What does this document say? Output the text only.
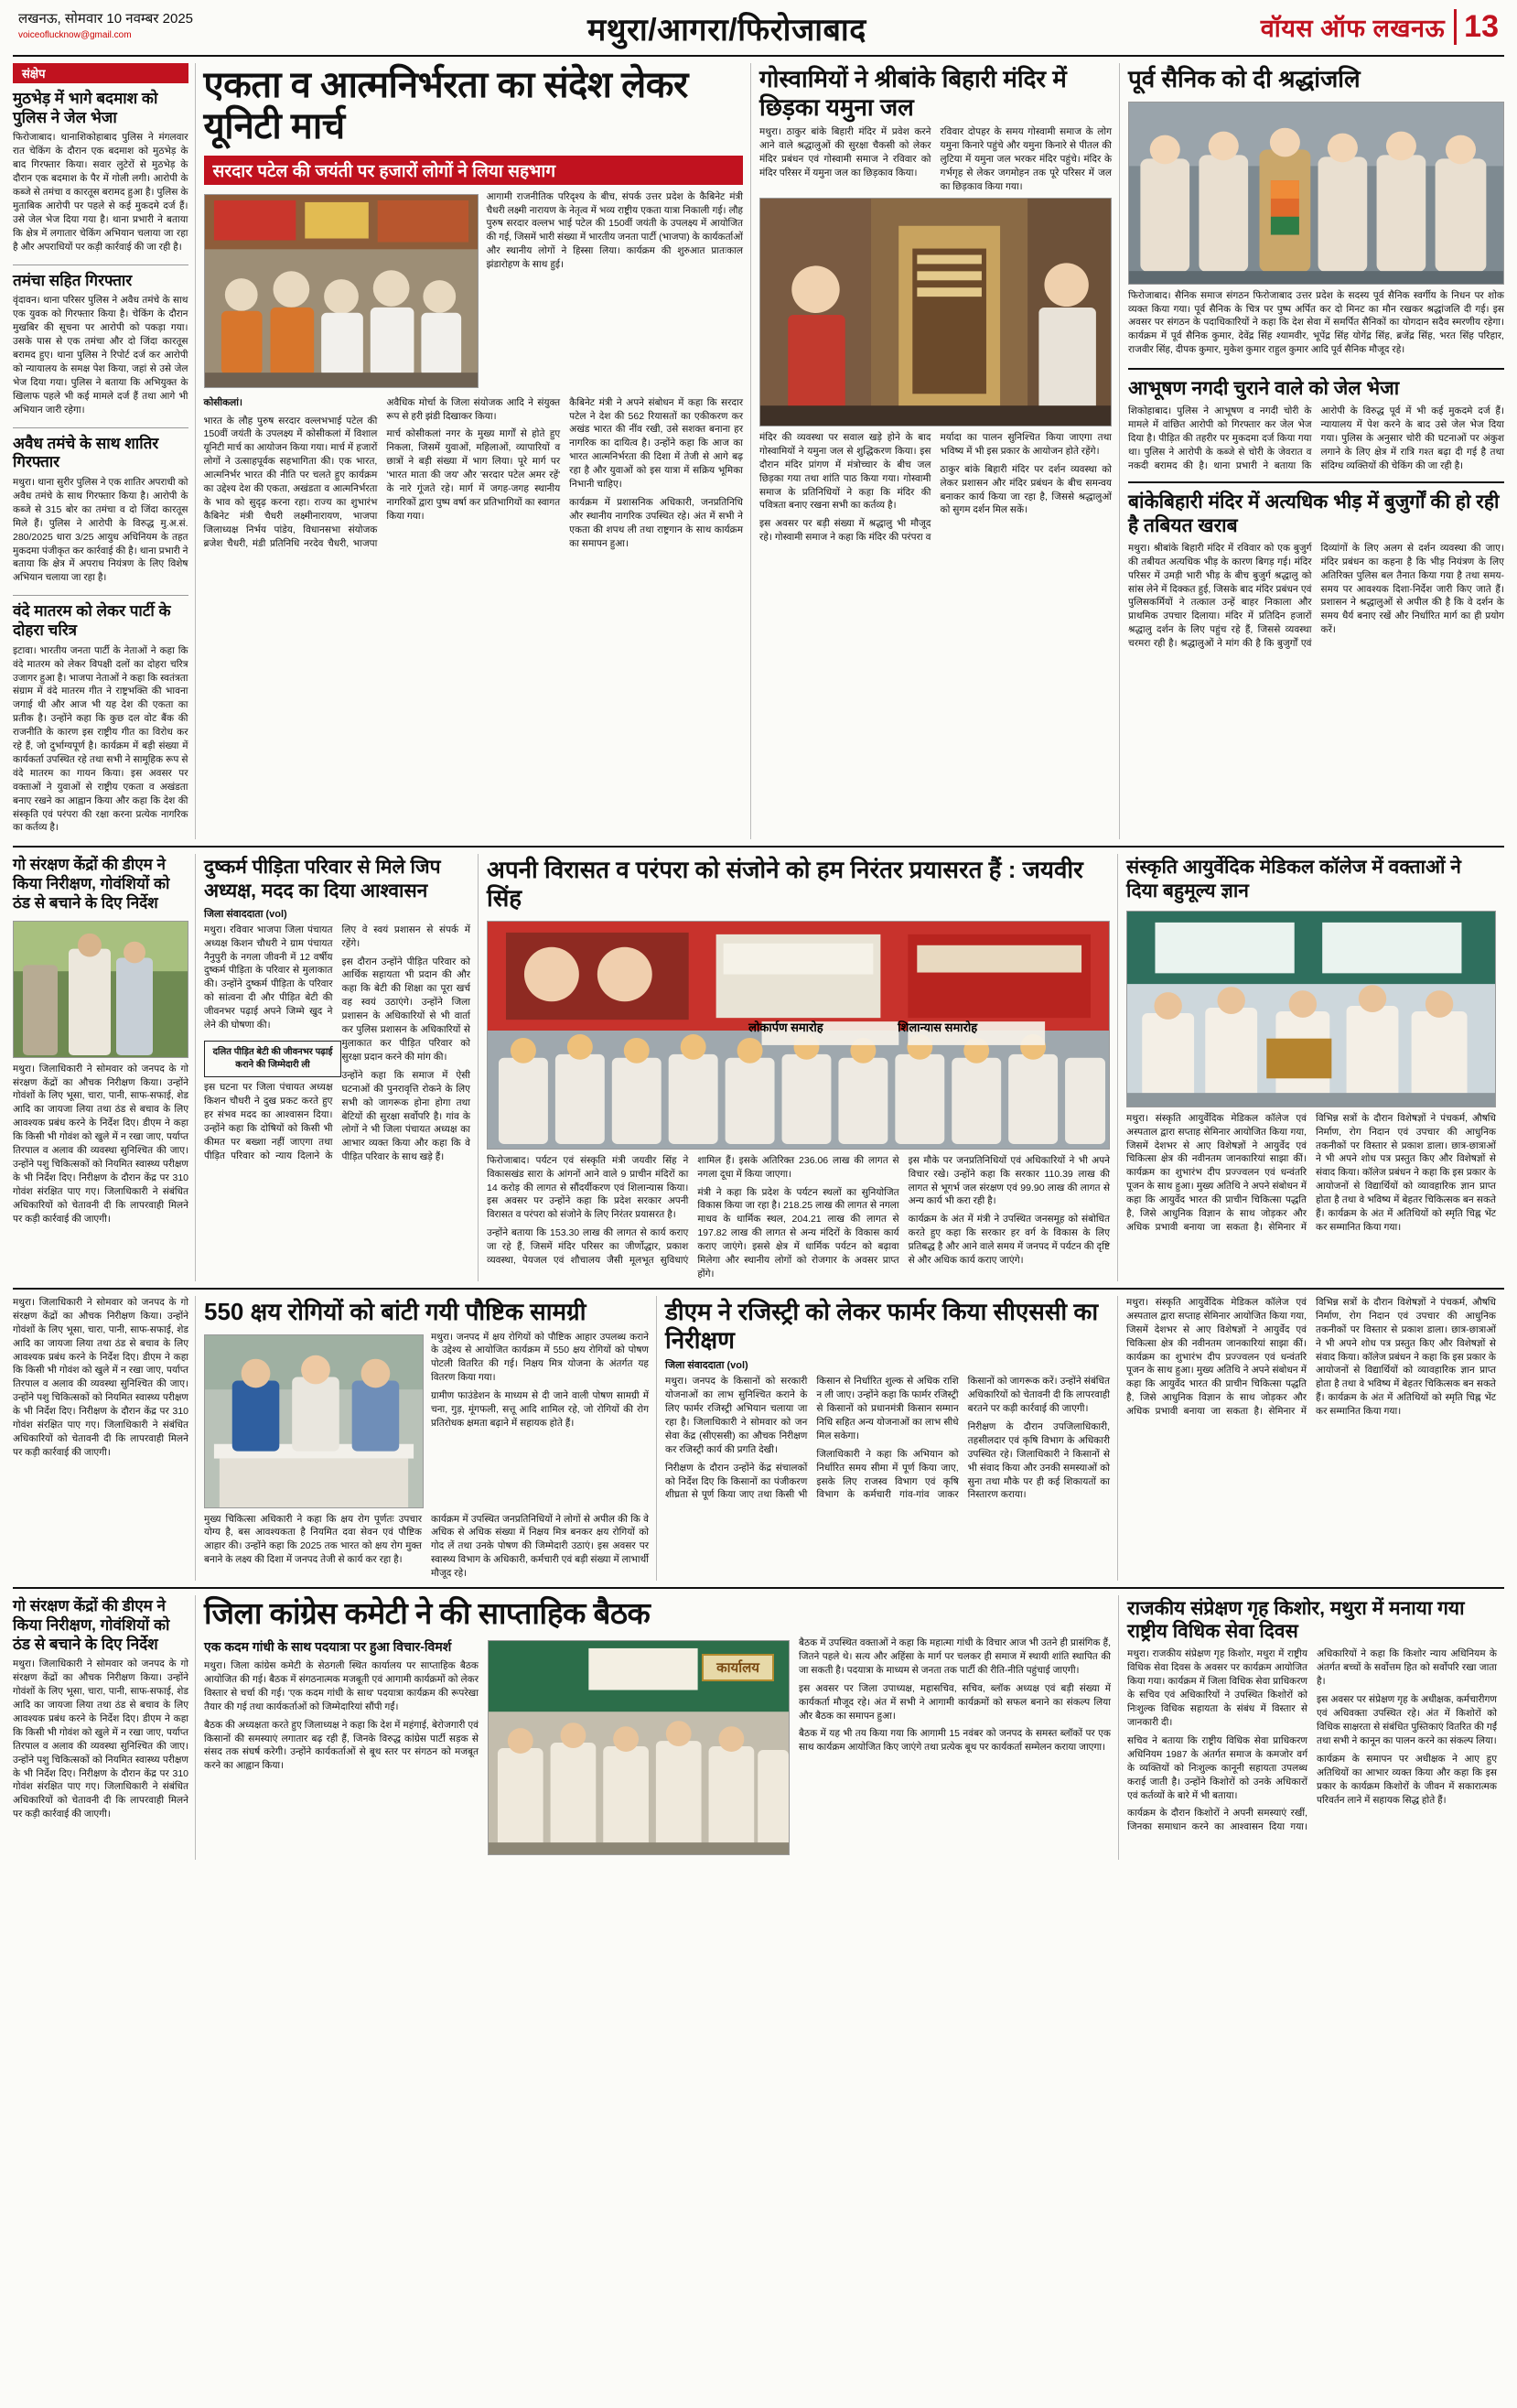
लखनऊ, सोमवार 10 नवम्बर 2025
voiceoflucknow@gmail.com	मथुरा/आगरा/फिरोजाबाद	वॉयस ऑफ लखनऊ 13
संक्षेप
मुठभेड़ में भागे बदमाश को पुलिस ने जेल भेजा

फिरोजाबाद। थानाशिकोहाबाद पुलिस ने मंगलवार रात चेकिंग के दौरान एक बदमाश को मुठभेड़ के बाद गिरफ्तार किया। सवार लुटेरों से मुठभेड़ के दौरान एक बदमाश के पैर में गोली लगी। आरोपी के कब्जे से तमंचा व कारतूस बरामद हुआ है। पुलिस के मुताबिक आरोपी पर पहले से कई मुकदमे दर्ज हैं। उसे जेल भेज दिया गया है। थाना प्रभारी ने बताया कि क्षेत्र में लगातार चेकिंग अभियान चलाया जा रहा है और अपराधियों पर कड़ी कार्रवाई की जा रही है।

तमंचा सहित गिरफ्तार

वृंदावन। थाना परिसर पुलिस ने अवैध तमंचे के साथ एक युवक को गिरफ्तार किया है। चेकिंग के दौरान मुखबिर की सूचना पर आरोपी को पकड़ा गया। उसके पास से एक तमंचा और दो जिंदा कारतूस बरामद हुए। थाना पुलिस ने रिपोर्ट दर्ज कर आरोपी को न्यायालय के समक्ष पेश किया, जहां से उसे जेल भेज दिया गया। पुलिस ने बताया कि अभियुक्त के खिलाफ पहले भी कई मामले दर्ज हैं तथा आगे भी अभियान जारी रहेगा।

अवैध तमंचे के साथ शातिर गिरफ्तार

मथुरा। थाना सुरीर पुलिस ने एक शातिर अपराधी को अवैध तमंचे के साथ गिरफ्तार किया है। आरोपी के कब्जे से 315 बोर का तमंचा व दो जिंदा कारतूस मिले हैं। पुलिस ने आरोपी के विरुद्ध मु.अ.सं. 280/2025 धारा 3/25 आयुध अधिनियम के तहत मुकदमा पंजीकृत कर कार्रवाई की है। थाना प्रभारी ने बताया कि क्षेत्र में अपराध नियंत्रण के लिए विशेष अभियान चलाया जा रहा है।

वंदे मातरम को लेकर पार्टी के दोहरा चरित्र

इटावा। भारतीय जनता पार्टी के नेताओं ने कहा कि वंदे मातरम को लेकर विपक्षी दलों का दोहरा चरित्र उजागर हुआ है। भाजपा नेताओं ने कहा कि स्वतंत्रता संग्राम में वंदे मातरम गीत ने राष्ट्रभक्ति की भावना जगाई थी और आज भी यह देश की एकता का प्रतीक है। उन्होंने कहा कि कुछ दल वोट बैंक की राजनीति के कारण इस राष्ट्रीय गीत का विरोध कर रहे हैं, जो दुर्भाग्यपूर्ण है। कार्यक्रम में बड़ी संख्या में कार्यकर्ता उपस्थित रहे तथा सभी ने सामूहिक रूप से वंदे मातरम का गायन किया। इस अवसर पर वक्ताओं ने युवाओं से राष्ट्रीय एकता व अखंडता बनाए रखने का आह्वान किया और कहा कि देश की संस्कृति एवं परंपरा की रक्षा करना प्रत्येक नागरिक का कर्तव्य है।

एकता व आत्मनिर्भरता का संदेश लेकर यूनिटी मार्च
सरदार पटेल की जयंती पर हजारों लोगों ने लिया सहभाग

आगामी राजनीतिक परिदृश्य के बीच, संपर्क उत्तर प्रदेश के कैबिनेट मंत्री चैधरी लक्ष्मी नारायण के नेतृत्व में भव्य राष्ट्रीय एकता यात्रा निकाली गई। लौह पुरुष सरदार वल्लभ भाई पटेल की 150वीं जयंती के उपलक्ष्य में आयोजित की गई, जिसमें भारी संख्या में भारतीय जनता पार्टी (भाजपा) के कार्यकर्ताओं और स्थानीय लोगों ने हिस्सा लिया। कार्यक्रम की शुरुआत प्रातःकाल झंडारोहण के साथ हुई।

कोसीकलां।

भारत के लौह पुरुष सरदार वल्लभभाई पटेल की 150वीं जयंती के उपलक्ष्य में कोसीकलां में विशाल यूनिटी मार्च का आयोजन किया गया। मार्च में हजारों लोगों ने उत्साहपूर्वक सहभागिता की। एक भारत, आत्मनिर्भर भारत की नीति पर चलते हुए कार्यक्रम का उद्देश्य देश की एकता, अखंडता व आत्मनिर्भरता के भाव को सुदृढ़ करना रहा। राज्य का शुभारंभ कैबिनेट मंत्री चैधरी लक्ष्मीनारायण, भाजपा जिलाध्यक्ष निर्भय पांडेय, विधानसभा संयोजक ब्रजेश चैधरी, मंडी प्रतिनिधि नरदेव चैधरी, भाजपा अवैधिक मोर्चा के जिला संयोजक आदि ने संयुक्त रूप से हरी झंडी दिखाकर किया।

मार्च कोसीकलां नगर के मुख्य मार्गों से होते हुए निकला, जिसमें युवाओं, महिलाओं, व्यापारियों व छात्रों ने बड़ी संख्या में भाग लिया। पूरे मार्ग पर 'भारत माता की जय' और 'सरदार पटेल अमर रहें' के नारे गूंजते रहे। मार्ग में जगह-जगह स्थानीय नागरिकों द्वारा पुष्प वर्षा कर प्रतिभागियों का स्वागत किया गया।

कैबिनेट मंत्री ने अपने संबोधन में कहा कि सरदार पटेल ने देश की 562 रियासतों का एकीकरण कर अखंड भारत की नींव रखी, उसे सशक्त बनाना हर नागरिक का दायित्व है। उन्होंने कहा कि आज का भारत आत्मनिर्भरता की दिशा में तेजी से आगे बढ़ रहा है और युवाओं को इस यात्रा में सक्रिय भूमिका निभानी चाहिए।

कार्यक्रम में प्रशासनिक अधिकारी, जनप्रतिनिधि और स्थानीय नागरिक उपस्थित रहे। अंत में सभी ने एकता की शपथ ली तथा राष्ट्रगान के साथ कार्यक्रम का समापन हुआ।

गोस्वामियों ने श्रीबांके बिहारी मंदिर में छिड़का यमुना जल

मथुरा। ठाकुर बांके बिहारी मंदिर में प्रवेश करने आने वाले श्रद्धालुओं की सुरक्षा चैकसी को लेकर मंदिर प्रबंधन एवं गोस्वामी समाज ने रविवार को मंदिर परिसर में यमुना जल का छिड़काव किया।

रविवार दोपहर के समय गोस्वामी समाज के लोग यमुना किनारे पहुंचे और यमुना किनारे से पीतल की लुटिया में यमुना जल भरकर मंदिर पहुंचे। मंदिर के गर्भगृह से लेकर जगमोहन तक पूरे परिसर में जल का छिड़काव किया गया।

मंदिर की व्यवस्था पर सवाल खड़े होने के बाद गोस्वामियों ने यमुना जल से शुद्धिकरण किया। इस दौरान मंदिर प्रांगण में मंत्रोच्चार के बीच जल छिड़का गया तथा शांति पाठ किया गया। गोस्वामी समाज के प्रतिनिधियों ने कहा कि मंदिर की पवित्रता बनाए रखना सभी का कर्तव्य है।

इस अवसर पर बड़ी संख्या में श्रद्धालु भी मौजूद रहे। गोस्वामी समाज ने कहा कि मंदिर की परंपरा व मर्यादा का पालन सुनिश्चित किया जाएगा तथा भविष्य में भी इस प्रकार के आयोजन होते रहेंगे।

ठाकुर बांके बिहारी मंदिर पर दर्शन व्यवस्था को लेकर प्रशासन और मंदिर प्रबंधन के बीच समन्वय बनाकर कार्य किया जा रहा है, जिससे श्रद्धालुओं को सुगम दर्शन मिल सकें।

पूर्व सैनिक को दी श्रद्धांजलि

फिरोजाबाद। सैनिक समाज संगठन फिरोजाबाद उत्तर प्रदेश के सदस्य पूर्व सैनिक स्वर्गीय के निधन पर शोक व्यक्त किया गया। पूर्व सैनिक के चित्र पर पुष्प अर्पित कर दो मिनट का मौन रखकर श्रद्धांजलि दी गई। इस अवसर पर संगठन के पदाधिकारियों ने कहा कि देश सेवा में समर्पित सैनिकों का योगदान सदैव स्मरणीय रहेगा। कार्यक्रम में पूर्व सैनिक कुमार, देवेंद्र सिंह श्यामवीर, भूपेंद्र सिंह योगेंद्र सिंह, ब्रजेंद्र सिंह, भरत सिंह परिहार, राजवीर सिंह, दीपक कुमार, मुकेश कुमार राहुल कुमार आदि पूर्व सैनिक मौजूद रहे।

आभूषण नगदी चुराने वाले को जेल भेजा

शिकोहाबाद। पुलिस ने आभूषण व नगदी चोरी के मामले में वांछित आरोपी को गिरफ्तार कर जेल भेज दिया है। पीड़ित की तहरीर पर मुकदमा दर्ज किया गया था। पुलिस ने आरोपी के कब्जे से चोरी के जेवरात व नकदी बरामद की है। थाना प्रभारी ने बताया कि आरोपी के विरुद्ध पूर्व में भी कई मुकदमे दर्ज हैं। न्यायालय में पेश करने के बाद उसे जेल भेज दिया गया। पुलिस के अनुसार चोरी की घटनाओं पर अंकुश लगाने के लिए क्षेत्र में रात्रि गश्त बढ़ा दी गई है तथा संदिग्ध व्यक्तियों की चेकिंग की जा रही है।

बांकेबिहारी मंदिर में अत्यधिक भीड़ में बुजुर्गों की हो रही है तबियत खराब

मथुरा। श्रीबांके बिहारी मंदिर में रविवार को एक बुजुर्ग की तबीयत अत्यधिक भीड़ के कारण बिगड़ गई। मंदिर परिसर में उमड़ी भारी भीड़ के बीच बुजुर्ग श्रद्धालु को सांस लेने में दिक्कत हुई, जिसके बाद मंदिर प्रबंधन एवं पुलिसकर्मियों ने तत्काल उन्हें बाहर निकाला और प्राथमिक उपचार दिलाया। मंदिर में प्रतिदिन हजारों श्रद्धालु दर्शन के लिए पहुंच रहे हैं, जिससे व्यवस्था चरमरा रही है। श्रद्धालुओं ने मांग की है कि बुजुर्गों एवं दिव्यांगों के लिए अलग से दर्शन व्यवस्था की जाए। मंदिर प्रबंधन का कहना है कि भीड़ नियंत्रण के लिए अतिरिक्त पुलिस बल तैनात किया गया है तथा समय-समय पर आवश्यक दिशा-निर्देश जारी किए जाते हैं। प्रशासन ने श्रद्धालुओं से अपील की है कि वे दर्शन के समय धैर्य बनाए रखें और निर्धारित मार्ग का ही प्रयोग करें।

गो संरक्षण केंद्रों की डीएम ने किया निरीक्षण, गोवंशियों को ठंड से बचाने के दिए निर्देश

मथुरा। जिलाधिकारी ने सोमवार को जनपद के गो संरक्षण केंद्रों का औचक निरीक्षण किया। उन्होंने गोवंशों के लिए भूसा, चारा, पानी, साफ-सफाई, शेड आदि का जायजा लिया तथा ठंड से बचाव के लिए आवश्यक प्रबंध करने के निर्देश दिए। डीएम ने कहा कि किसी भी गोवंश को खुले में न रखा जाए, पर्याप्त तिरपाल व अलाव की व्यवस्था सुनिश्चित की जाए। उन्होंने पशु चिकित्सकों को नियमित स्वास्थ्य परीक्षण के भी निर्देश दिए। निरीक्षण के दौरान केंद्र पर 310 गोवंश संरक्षित पाए गए। जिलाधिकारी ने संबंधित अधिकारियों को चेतावनी दी कि लापरवाही मिलने पर कड़ी कार्रवाई की जाएगी।

दुष्कर्म पीड़िता परिवार से मिले जिप अध्यक्ष, मदद का दिया आश्वासन
जिला संवाददाता (vol)

मथुरा। रविवार भाजपा जिला पंचायत अध्यक्ष किशन चौधरी ने ग्राम पंचायत नैनुपुरी के नगला जीवनी में 12 वर्षीय दुष्कर्म पीड़िता के परिवार से मुलाकात की। उन्होंने दुष्कर्म पीड़िता के परिवार को सांत्वना दी और पीड़ित बेटी की जीवनभर पढ़ाई अपने जिम्मे खुद ने लेने की घोषणा की।

दलित पीड़ित बेटी की जीवनभर पढ़ाई कराने की जिम्मेदारी ली

इस घटना पर जिला पंचायत अध्यक्ष किशन चौधरी ने दुख प्रकट करते हुए हर संभव मदद का आश्वासन दिया। उन्होंने कहा कि दोषियों को किसी भी कीमत पर बख्शा नहीं जाएगा तथा पीड़ित परिवार को न्याय दिलाने के लिए वे स्वयं प्रशासन से संपर्क में रहेंगे।

इस दौरान उन्होंने पीड़ित परिवार को आर्थिक सहायता भी प्रदान की और कहा कि बेटी की शिक्षा का पूरा खर्च वह स्वयं उठाएंगे। उन्होंने जिला प्रशासन के अधिकारियों से भी वार्ता कर पुलिस प्रशासन के अधिकारियों से मुलाकात कर पीड़ित परिवार को सुरक्षा प्रदान करने की मांग की।

उन्होंने कहा कि समाज में ऐसी घटनाओं की पुनरावृत्ति रोकने के लिए सभी को जागरूक होना होगा तथा बेटियों की सुरक्षा सर्वोपरि है। गांव के लोगों ने भी जिला पंचायत अध्यक्ष का आभार व्यक्त किया और कहा कि वे पीड़ित परिवार के साथ खड़े हैं।

अपनी विरासत व परंपरा को संजोने को हम निरंतर प्रयासरत हैं : जयवीर सिंह
लोकार्पण समारोह	शिलान्यास समारोह

फिरोजाबाद। पर्यटन एवं संस्कृति मंत्री जयवीर सिंह ने विकासखंड सारा के आंगनों आने वाले 9 प्राचीन मंदिरों का 14 करोड़ की लागत से सौंदर्यीकरण एवं शिलान्यास किया। इस अवसर पर उन्होंने कहा कि प्रदेश सरकार अपनी विरासत व परंपरा को संजोने के लिए निरंतर प्रयासरत है।

उन्होंने बताया कि 153.30 लाख की लागत से कार्य कराए जा रहे हैं, जिसमें मंदिर परिसर का जीर्णोद्धार, प्रकाश व्यवस्था, पेयजल एवं शौचालय जैसी मूलभूत सुविधाएं शामिल हैं। इसके अतिरिक्त 236.06 लाख की लागत से नगला दूधा में किया जाएगा।

मंत्री ने कहा कि प्रदेश के पर्यटन स्थलों का सुनियोजित विकास किया जा रहा है। 218.25 लाख की लागत से नगला माधव के धार्मिक स्थल, 204.21 लाख की लागत से 197.82 लाख की लागत से अन्य मंदिरों के विकास कार्य कराए जाएंगे। इससे क्षेत्र में धार्मिक पर्यटन को बढ़ावा मिलेगा और स्थानीय लोगों को रोजगार के अवसर प्राप्त होंगे।

इस मौके पर जनप्रतिनिधियों एवं अधिकारियों ने भी अपने विचार रखे। उन्होंने कहा कि सरकार 110.39 लाख की लागत से भूगर्भ जल संरक्षण एवं 99.90 लाख की लागत से अन्य कार्य भी करा रही है।

कार्यक्रम के अंत में मंत्री ने उपस्थित जनसमूह को संबोधित करते हुए कहा कि सरकार हर वर्ग के विकास के लिए प्रतिबद्ध है और आने वाले समय में जनपद में पर्यटन की दृष्टि से और अधिक कार्य कराए जाएंगे।

संस्कृति आयुर्वेदिक मेडिकल कॉलेज में वक्ताओं ने दिया बहुमूल्य ज्ञान

मथुरा। संस्कृति आयुर्वेदिक मेडिकल कॉलेज एवं अस्पताल द्वारा सप्ताह सेमिनार आयोजित किया गया, जिसमें देशभर से आए विशेषज्ञों ने आयुर्वेद एवं चिकित्सा क्षेत्र की नवीनतम जानकारियां साझा कीं। कार्यक्रम का शुभारंभ दीप प्रज्ज्वलन एवं धन्वंतरि पूजन के साथ हुआ। मुख्य अतिथि ने अपने संबोधन में कहा कि आयुर्वेद भारत की प्राचीन चिकित्सा पद्धति है, जिसे आधुनिक विज्ञान के साथ जोड़कर और अधिक प्रभावी बनाया जा सकता है। सेमिनार में विभिन्न सत्रों के दौरान विशेषज्ञों ने पंचकर्म, औषधि निर्माण, रोग निदान एवं उपचार की आधुनिक तकनीकों पर विस्तार से प्रकाश डाला। छात्र-छात्राओं ने भी अपने शोध पत्र प्रस्तुत किए और विशेषज्ञों से संवाद किया। कॉलेज प्रबंधन ने कहा कि इस प्रकार के आयोजनों से विद्यार्थियों को व्यावहारिक ज्ञान प्राप्त होता है तथा वे भविष्य में बेहतर चिकित्सक बन सकते हैं। कार्यक्रम के अंत में अतिथियों को स्मृति चिह्न भेंट कर सम्मानित किया गया।

मथुरा। जिलाधिकारी ने सोमवार को जनपद के गो संरक्षण केंद्रों का औचक निरीक्षण किया। उन्होंने गोवंशों के लिए भूसा, चारा, पानी, साफ-सफाई, शेड आदि का जायजा लिया तथा ठंड से बचाव के लिए आवश्यक प्रबंध करने के निर्देश दिए। डीएम ने कहा कि किसी भी गोवंश को खुले में न रखा जाए, पर्याप्त तिरपाल व अलाव की व्यवस्था सुनिश्चित की जाए। उन्होंने पशु चिकित्सकों को नियमित स्वास्थ्य परीक्षण के भी निर्देश दिए। निरीक्षण के दौरान केंद्र पर 310 गोवंश संरक्षित पाए गए। जिलाधिकारी ने संबंधित अधिकारियों को चेतावनी दी कि लापरवाही मिलने पर कड़ी कार्रवाई की जाएगी।

550 क्षय रोगियों को बांटी गयी पौष्टिक सामग्री

मथुरा। जनपद में क्षय रोगियों को पौष्टिक आहार उपलब्ध कराने के उद्देश्य से आयोजित कार्यक्रम में 550 क्षय रोगियों को पोषण पोटली वितरित की गई। निक्षय मित्र योजना के अंतर्गत यह वितरण किया गया।

ग्रामीण फाउंडेशन के माध्यम से दी जाने वाली पोषण सामग्री में चना, गुड़, मूंगफली, सत्तू आदि शामिल रहे, जो रोगियों की रोग प्रतिरोधक क्षमता बढ़ाने में सहायक होते हैं।

मुख्य चिकित्सा अधिकारी ने कहा कि क्षय रोग पूर्णतः उपचार योग्य है, बस आवश्यकता है नियमित दवा सेवन एवं पौष्टिक आहार की। उन्होंने कहा कि 2025 तक भारत को क्षय रोग मुक्त बनाने के लक्ष्य की दिशा में जनपद तेजी से कार्य कर रहा है।

कार्यक्रम में उपस्थित जनप्रतिनिधियों ने लोगों से अपील की कि वे अधिक से अधिक संख्या में निक्षय मित्र बनकर क्षय रोगियों को गोद लें तथा उनके पोषण की जिम्मेदारी उठाएं। इस अवसर पर स्वास्थ्य विभाग के अधिकारी, कर्मचारी एवं बड़ी संख्या में लाभार्थी मौजूद रहे।

डीएम ने रजिस्ट्री को लेकर फार्मर किया सीएससी का निरीक्षण
जिला संवाददाता (vol)

मथुरा। जनपद के किसानों को सरकारी योजनाओं का लाभ सुनिश्चित कराने के लिए फार्मर रजिस्ट्री अभियान चलाया जा रहा है। जिलाधिकारी ने सोमवार को जन सेवा केंद्र (सीएससी) का औचक निरीक्षण कर रजिस्ट्री कार्य की प्रगति देखी।

निरीक्षण के दौरान उन्होंने केंद्र संचालकों को निर्देश दिए कि किसानों का पंजीकरण शीघ्रता से पूर्ण किया जाए तथा किसी भी किसान से निर्धारित शुल्क से अधिक राशि न ली जाए। उन्होंने कहा कि फार्मर रजिस्ट्री से किसानों को प्रधानमंत्री किसान सम्मान निधि सहित अन्य योजनाओं का लाभ सीधे मिल सकेगा।

जिलाधिकारी ने कहा कि अभियान को निर्धारित समय सीमा में पूर्ण किया जाए, इसके लिए राजस्व विभाग एवं कृषि विभाग के कर्मचारी गांव-गांव जाकर किसानों को जागरूक करें। उन्होंने संबंधित अधिकारियों को चेतावनी दी कि लापरवाही बरतने पर कड़ी कार्रवाई की जाएगी।

निरीक्षण के दौरान उपजिलाधिकारी, तहसीलदार एवं कृषि विभाग के अधिकारी उपस्थित रहे। जिलाधिकारी ने किसानों से भी संवाद किया और उनकी समस्याओं को सुना तथा मौके पर ही कई शिकायतों का निस्तारण कराया।

मथुरा। संस्कृति आयुर्वेदिक मेडिकल कॉलेज एवं अस्पताल द्वारा सप्ताह सेमिनार आयोजित किया गया, जिसमें देशभर से आए विशेषज्ञों ने आयुर्वेद एवं चिकित्सा क्षेत्र की नवीनतम जानकारियां साझा कीं। कार्यक्रम का शुभारंभ दीप प्रज्ज्वलन एवं धन्वंतरि पूजन के साथ हुआ। मुख्य अतिथि ने अपने संबोधन में कहा कि आयुर्वेद भारत की प्राचीन चिकित्सा पद्धति है, जिसे आधुनिक विज्ञान के साथ जोड़कर और अधिक प्रभावी बनाया जा सकता है। सेमिनार में विभिन्न सत्रों के दौरान विशेषज्ञों ने पंचकर्म, औषधि निर्माण, रोग निदान एवं उपचार की आधुनिक तकनीकों पर विस्तार से प्रकाश डाला। छात्र-छात्राओं ने भी अपने शोध पत्र प्रस्तुत किए और विशेषज्ञों से संवाद किया। कॉलेज प्रबंधन ने कहा कि इस प्रकार के आयोजनों से विद्यार्थियों को व्यावहारिक ज्ञान प्राप्त होता है तथा वे भविष्य में बेहतर चिकित्सक बन सकते हैं। कार्यक्रम के अंत में अतिथियों को स्मृति चिह्न भेंट कर सम्मानित किया गया।

गो संरक्षण केंद्रों की डीएम ने किया निरीक्षण, गोवंशियों को ठंड से बचाने के दिए निर्देश

मथुरा। जिलाधिकारी ने सोमवार को जनपद के गो संरक्षण केंद्रों का औचक निरीक्षण किया। उन्होंने गोवंशों के लिए भूसा, चारा, पानी, साफ-सफाई, शेड आदि का जायजा लिया तथा ठंड से बचाव के लिए आवश्यक प्रबंध करने के निर्देश दिए। डीएम ने कहा कि किसी भी गोवंश को खुले में न रखा जाए, पर्याप्त तिरपाल व अलाव की व्यवस्था सुनिश्चित की जाए। उन्होंने पशु चिकित्सकों को नियमित स्वास्थ्य परीक्षण के भी निर्देश दिए। निरीक्षण के दौरान केंद्र पर 310 गोवंश संरक्षित पाए गए। जिलाधिकारी ने संबंधित अधिकारियों को चेतावनी दी कि लापरवाही मिलने पर कड़ी कार्रवाई की जाएगी।

जिला कांग्रेस कमेटी ने की साप्ताहिक बैठक
एक कदम गांधी के साथ पदयात्रा पर हुआ विचार-विमर्श

मथुरा। जिला कांग्रेस कमेटी के सेठगली स्थित कार्यालय पर साप्ताहिक बैठक आयोजित की गई। बैठक में संगठनात्मक मजबूती एवं आगामी कार्यक्रमों को लेकर विस्तार से चर्चा की गई। 'एक कदम गांधी के साथ' पदयात्रा कार्यक्रम की रूपरेखा तैयार की गई तथा कार्यकर्ताओं को जिम्मेदारियां सौंपी गईं।

बैठक की अध्यक्षता करते हुए जिलाध्यक्ष ने कहा कि देश में महंगाई, बेरोजगारी एवं किसानों की समस्याएं लगातार बढ़ रही हैं, जिनके विरुद्ध कांग्रेस पार्टी सड़क से संसद तक संघर्ष करेगी। उन्होंने कार्यकर्ताओं से बूथ स्तर पर संगठन को मजबूत करने का आह्वान किया।

कार्यालय

बैठक में उपस्थित वक्ताओं ने कहा कि महात्मा गांधी के विचार आज भी उतने ही प्रासंगिक हैं, जितने पहले थे। सत्य और अहिंसा के मार्ग पर चलकर ही समाज में स्थायी शांति स्थापित की जा सकती है। पदयात्रा के माध्यम से जनता तक पार्टी की रीति-नीति पहुंचाई जाएगी।

इस अवसर पर जिला उपाध्यक्ष, महासचिव, सचिव, ब्लॉक अध्यक्ष एवं बड़ी संख्या में कार्यकर्ता मौजूद रहे। अंत में सभी ने आगामी कार्यक्रमों को सफल बनाने का संकल्प लिया और बैठक का समापन हुआ।

बैठक में यह भी तय किया गया कि आगामी 15 नवंबर को जनपद के समस्त ब्लॉकों पर एक साथ कार्यक्रम आयोजित किए जाएंगे तथा प्रत्येक बूथ पर कार्यकर्ता सम्मेलन कराया जाएगा।

राजकीय संप्रेक्षण गृह किशोर, मथुरा में मनाया गया राष्ट्रीय विधिक सेवा दिवस

मथुरा। राजकीय संप्रेक्षण गृह किशोर, मथुरा में राष्ट्रीय विधिक सेवा दिवस के अवसर पर कार्यक्रम आयोजित किया गया। कार्यक्रम में जिला विधिक सेवा प्राधिकरण के सचिव एवं अधिकारियों ने उपस्थित किशोरों को निःशुल्क विधिक सहायता के संबंध में विस्तार से जानकारी दी।

सचिव ने बताया कि राष्ट्रीय विधिक सेवा प्राधिकरण अधिनियम 1987 के अंतर्गत समाज के कमजोर वर्ग के व्यक्तियों को निःशुल्क कानूनी सहायता उपलब्ध कराई जाती है। उन्होंने किशोरों को उनके अधिकारों एवं कर्तव्यों के बारे में भी बताया।

कार्यक्रम के दौरान किशोरों ने अपनी समस्याएं रखीं, जिनका समाधान करने का आश्वासन दिया गया। अधिकारियों ने कहा कि किशोर न्याय अधिनियम के अंतर्गत बच्चों के सर्वोत्तम हित को सर्वोपरि रखा जाता है।

इस अवसर पर संप्रेक्षण गृह के अधीक्षक, कर्मचारीगण एवं अधिवक्ता उपस्थित रहे। अंत में किशोरों को विधिक साक्षरता से संबंधित पुस्तिकाएं वितरित की गईं तथा सभी ने कानून का पालन करने का संकल्प लिया।

कार्यक्रम के समापन पर अधीक्षक ने आए हुए अतिथियों का आभार व्यक्त किया और कहा कि इस प्रकार के कार्यक्रम किशोरों के जीवन में सकारात्मक परिवर्तन लाने में सहायक सिद्ध होते हैं।
